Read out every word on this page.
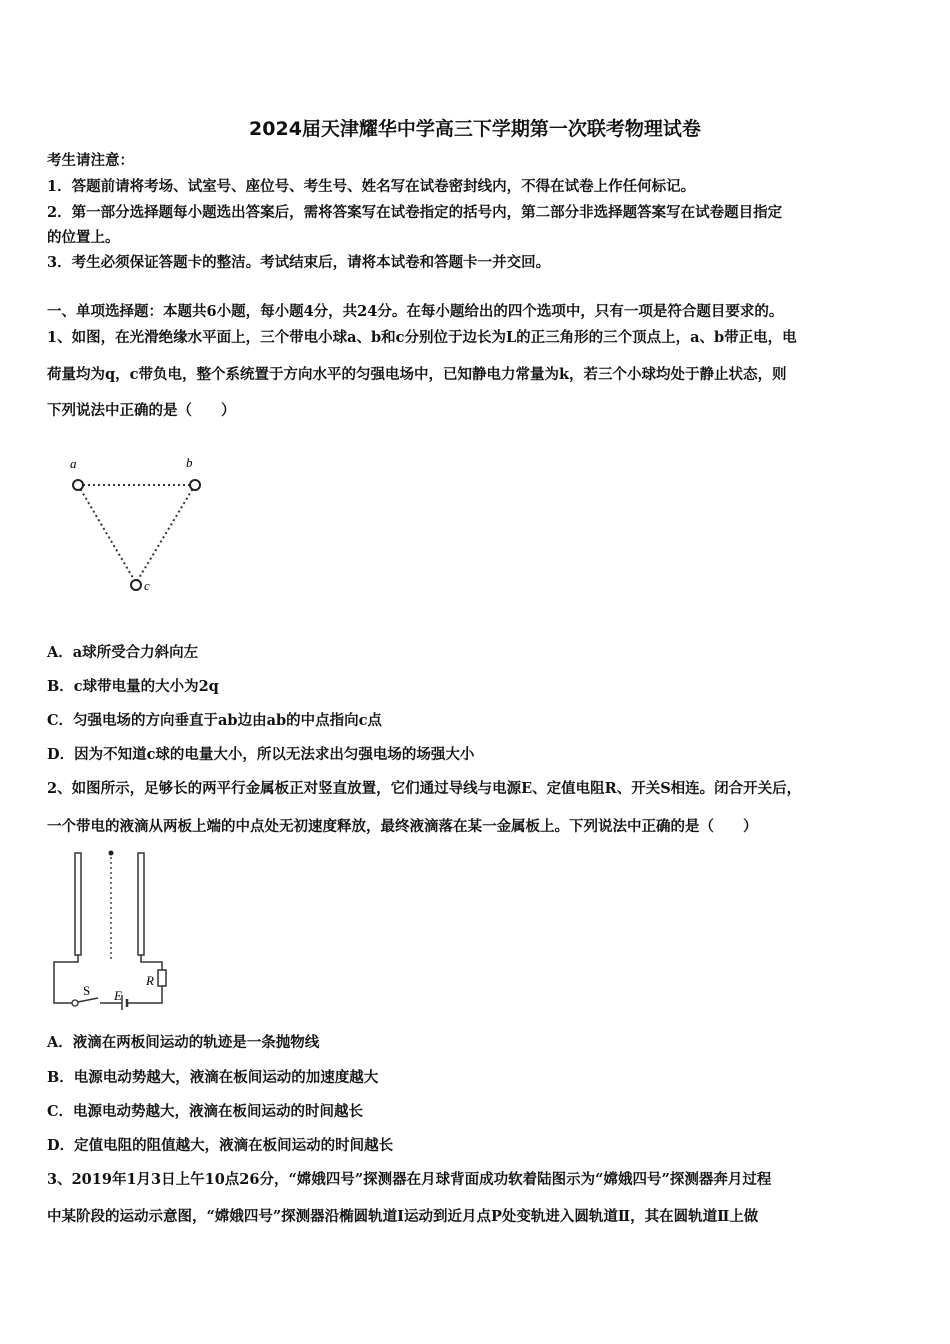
2024届天津耀华中学高三下学期第一次联考物理试卷
考生请注意：
1．答题前请将考场、试室号、座位号、考生号、姓名写在试卷密封线内，不得在试卷上作任何标记。
2．第一部分选择题每小题选出答案后，需将答案写在试卷指定的括号内，第二部分非选择题答案写在试卷题目指定
的位置上。
3．考生必须保证答题卡的整洁。考试结束后，请将本试卷和答题卡一并交回。
一、单项选择题：本题共6小题，每小题4分，共24分。在每小题给出的四个选项中，只有一项是符合题目要求的。
1、如图，在光滑绝缘水平面上，三个带电小球a、b和c分别位于边长为L的正三角形的三个顶点上，a、b带正电，电
荷量均为q，c带负电，整个系统置于方向水平的匀强电场中，已知静电力常量为k，若三个小球均处于静止状态，则
下列说法中正确的是（　　）
a	b
c
A．a球所受合力斜向左
B．c球带电量的大小为2q
C．匀强电场的方向垂直于ab边由ab的中点指向c点
D．因为不知道c球的电量大小，所以无法求出匀强电场的场强大小
2、如图所示，足够长的两平行金属板正对竖直放置，它们通过导线与电源E、定值电阻R、开关S相连。闭合开关后，
一个带电的液滴从两板上端的中点处无初速度释放，最终液滴落在某一金属板上。下列说法中正确的是（　　）
S E
R
A．液滴在两板间运动的轨迹是一条抛物线
B．电源电动势越大，液滴在板间运动的加速度越大
C．电源电动势越大，液滴在板间运动的时间越长
D．定值电阻的阻值越大，液滴在板间运动的时间越长
3、2019年1月3日上午10点26分，“嫦娥四号”探测器在月球背面成功软着陆图示为“嫦娥四号”探测器奔月过程
中某阶段的运动示意图，“嫦娥四号”探测器沿椭圆轨道Ⅰ运动到近月点P处变轨进入圆轨道Ⅱ，其在圆轨道Ⅱ上做
